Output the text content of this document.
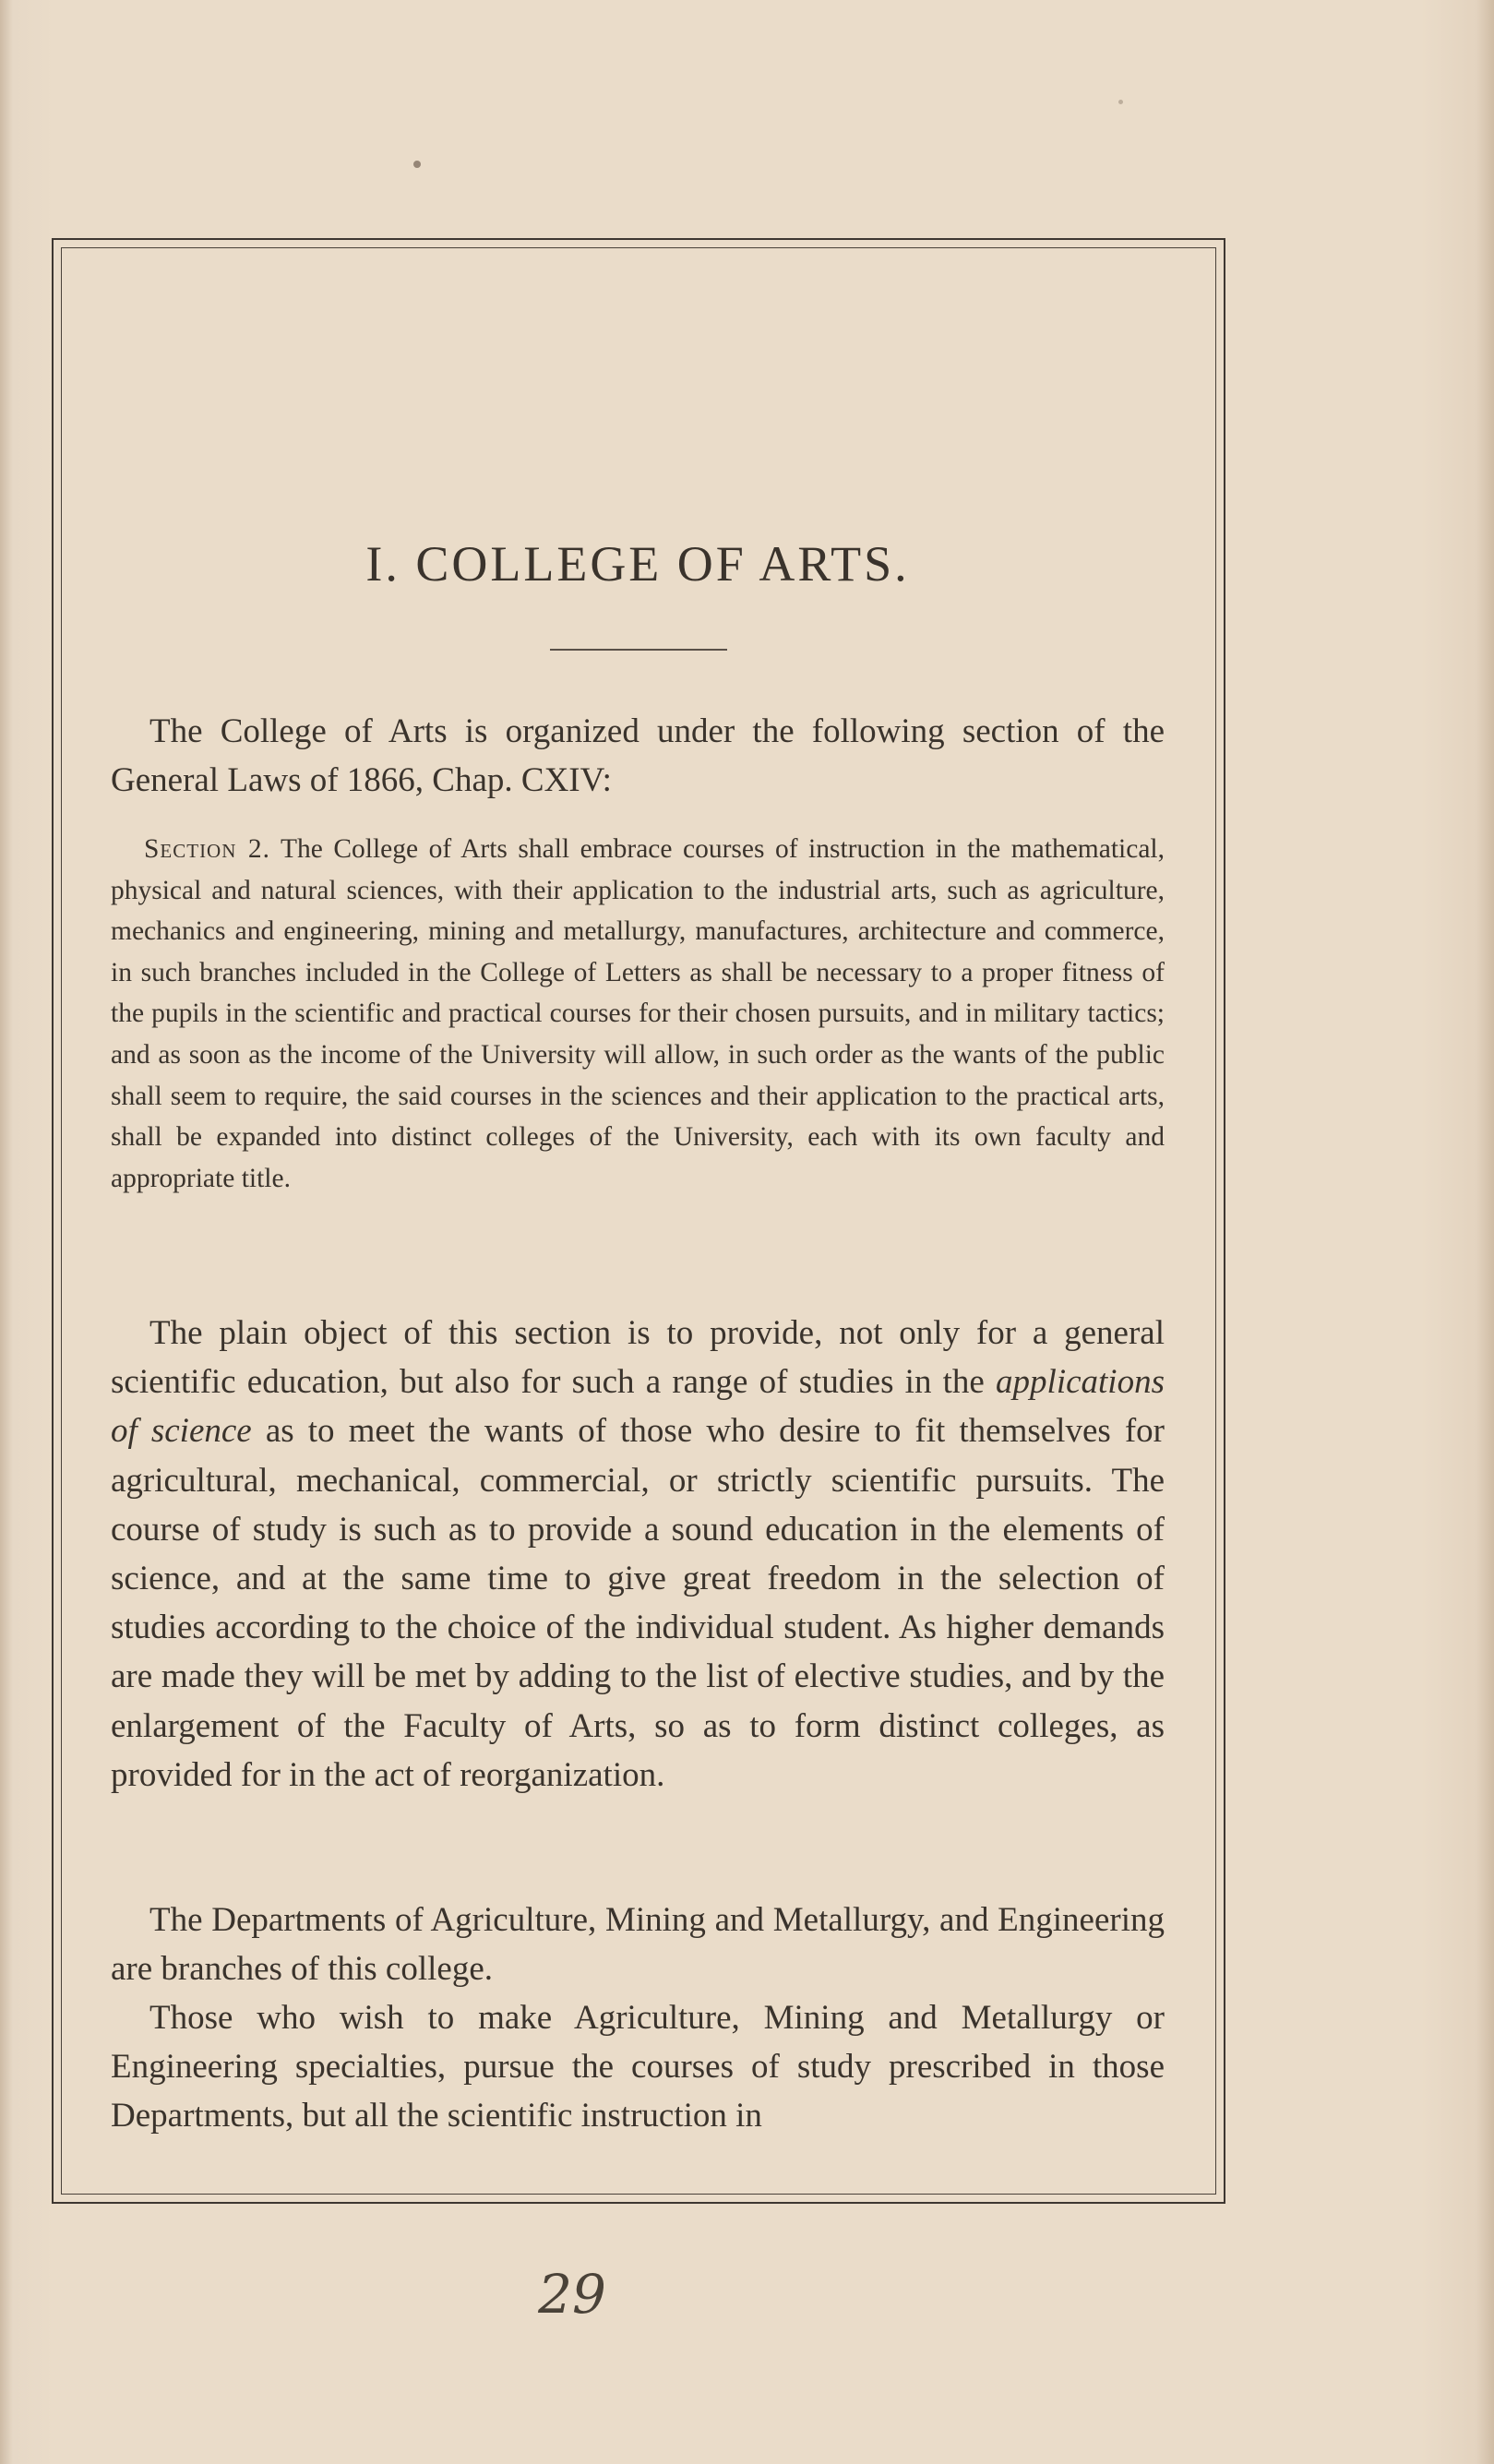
I. COLLEGE OF ARTS.

The College of Arts is organized under the following section of the General Laws of 1866, Chap. CXIV:

Section 2. The College of Arts shall embrace courses of instruction in the mathematical, physical and natural sciences, with their application to the industrial arts, such as agriculture, mechanics and engineering, mining and metallurgy, manufactures, architecture and commerce, in such branches included in the College of Letters as shall be necessary to a proper fitness of the pupils in the scientific and practical courses for their chosen pursuits, and in military tactics; and as soon as the income of the University will allow, in such order as the wants of the public shall seem to require, the said courses in the sciences and their application to the practical arts, shall be expanded into distinct colleges of the University, each with its own faculty and appropriate title.

The plain object of this section is to provide, not only for a general scientific education, but also for such a range of studies in the applications of science as to meet the wants of those who desire to fit themselves for agricultural, mechanical, commercial, or strictly scientific pursuits. The course of study is such as to provide a sound education in the elements of science, and at the same time to give great freedom in the selection of studies according to the choice of the individual student. As higher demands are made they will be met by adding to the list of elective studies, and by the enlargement of the Faculty of Arts, so as to form distinct colleges, as provided for in the act of reorganization.

The Departments of Agriculture, Mining and Metallurgy, and Engineering are branches of this college.

Those who wish to make Agriculture, Mining and Metallurgy or Engineering specialties, pursue the courses of study prescribed in those Departments, but all the scientific instruction in

29
